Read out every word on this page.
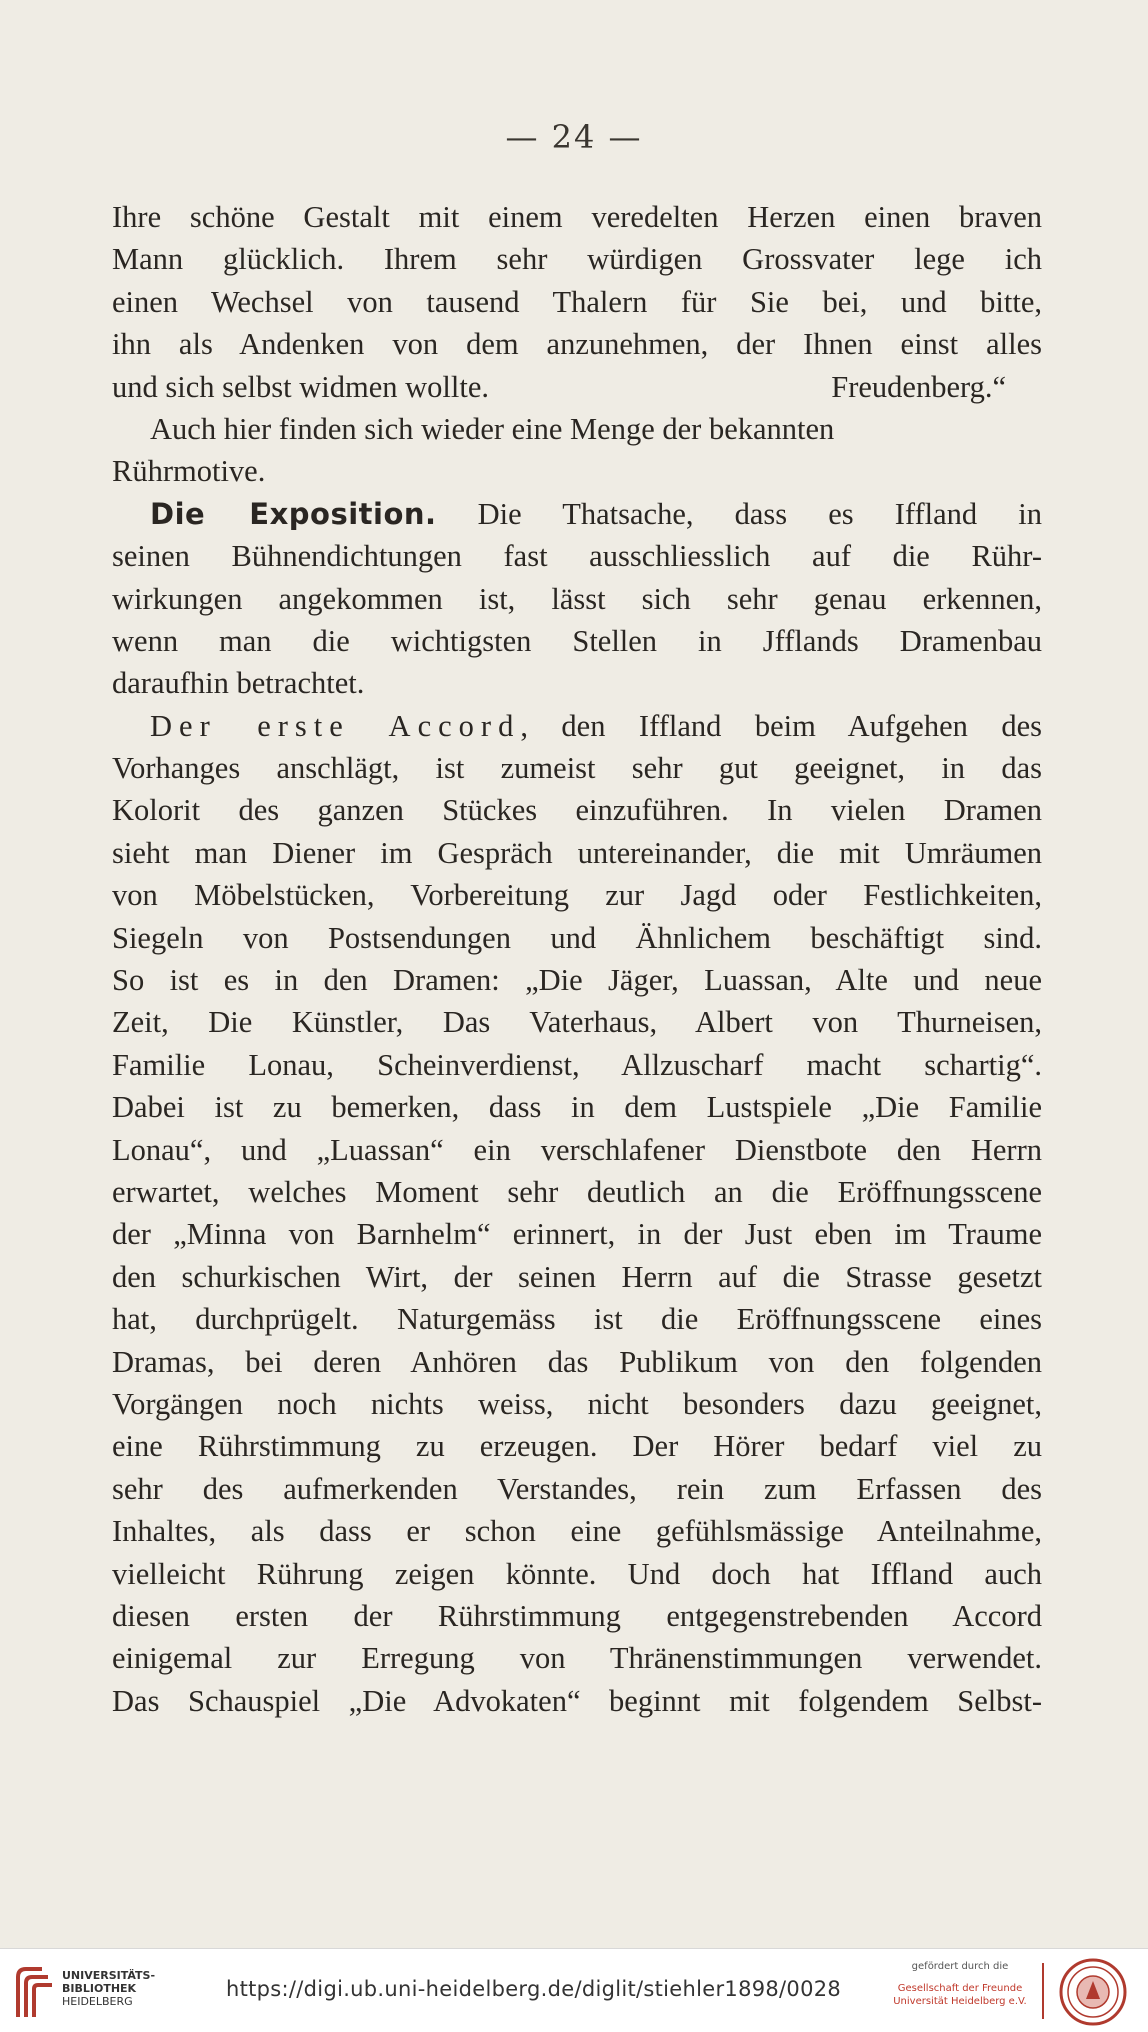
— 24 —
Ihre schöne Gestalt mit einem veredelten Herzen einen braven
Mann glücklich. Ihrem sehr würdigen Grossvater lege ich
einen Wechsel von tausend Thalern für Sie bei, und bitte,
ihn als Andenken von dem anzunehmen, der Ihnen einst alles
und sich selbst widmen wollte.	Freudenberg.“
Auch hier finden sich wieder eine Menge der bekannten
Rührmotive.
Die Exposition. Die Thatsache, dass es Iffland in
seinen Bühnendichtungen fast ausschliesslich auf die Rühr-
wirkungen angekommen ist, lässt sich sehr genau erkennen,
wenn man die wichtigsten Stellen in Jfflands Dramenbau
daraufhin betrachtet.
Der erste Accord, den Iffland beim Aufgehen des
Vorhanges anschlägt, ist zumeist sehr gut geeignet, in das
Kolorit des ganzen Stückes einzuführen. In vielen Dramen
sieht man Diener im Gespräch untereinander, die mit Umräumen
von Möbelstücken, Vorbereitung zur Jagd oder Festlichkeiten,
Siegeln von Postsendungen und Ähnlichem beschäftigt sind.
So ist es in den Dramen: „Die Jäger, Luassan, Alte und neue
Zeit, Die Künstler, Das Vaterhaus, Albert von Thurneisen,
Familie Lonau, Scheinverdienst, Allzuscharf macht schartig“.
Dabei ist zu bemerken, dass in dem Lustspiele „Die Familie
Lonau“, und „Luassan“ ein verschlafener Dienstbote den Herrn
erwartet, welches Moment sehr deutlich an die Eröffnungsscene
der „Minna von Barnhelm“ erinnert, in der Just eben im Traume
den schurkischen Wirt, der seinen Herrn auf die Strasse gesetzt
hat, durchprügelt. Naturgemäss ist die Eröffnungsscene eines
Dramas, bei deren Anhören das Publikum von den folgenden
Vorgängen noch nichts weiss, nicht besonders dazu geeignet,
eine Rührstimmung zu erzeugen. Der Hörer bedarf viel zu
sehr des aufmerkenden Verstandes, rein zum Erfassen des
Inhaltes, als dass er schon eine gefühlsmässige Anteilnahme,
vielleicht Rührung zeigen könnte. Und doch hat Iffland auch
diesen ersten der Rührstimmung entgegenstrebenden Accord
einigemal zur Erregung von Thränenstimmungen verwendet.
Das Schauspiel „Die Advokaten“ beginnt mit folgendem Selbst-
UNIVERSITÄTS-
BIBLIOTHEK
HEIDELBERG
https://digi.ub.uni-heidelberg.de/diglit/stiehler1898/0028
gefördert durch die
Gesellschaft der Freunde
Universität Heidelberg e.V.
